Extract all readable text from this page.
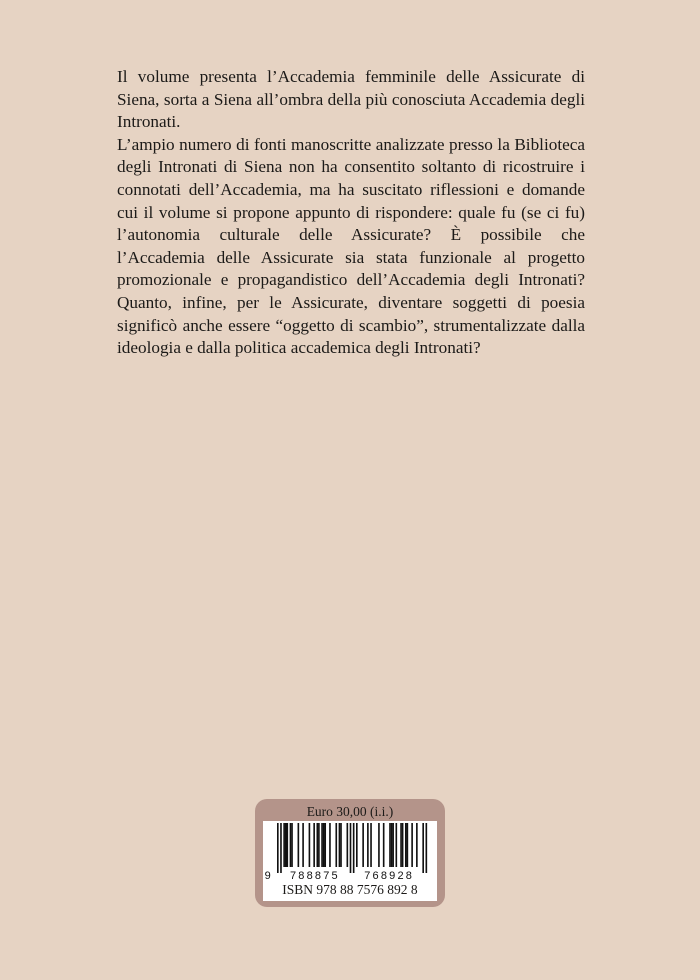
Il volume presenta l’Accademia femminile delle Assicurate di Siena, sorta a Siena all’ombra della più conosciuta Accademia degli Intronati.

L’ampio numero di fonti manoscritte analizzate presso la Biblioteca degli Intronati di Siena non ha consentito soltanto di ricostruire i connotati dell’Accademia, ma ha suscitato riflessioni e domande cui il volume si propone appunto di rispondere: quale fu (se ci fu) l’autonomia culturale delle Assicurate? È possibile che l’Accademia delle Assicurate sia stata funzionale al progetto promozionale e propagandistico dell’Accademia degli Intronati? Quanto, infine, per le Assicurate, diventare soggetti di poesia significò anche essere “oggetto di scambio”, strumentalizzate dalla ideologia e dalla politica accademica degli Intronati?

Euro 30,00 (i.i.)
9 788875 768928
ISBN 978 88 7576 892 8
